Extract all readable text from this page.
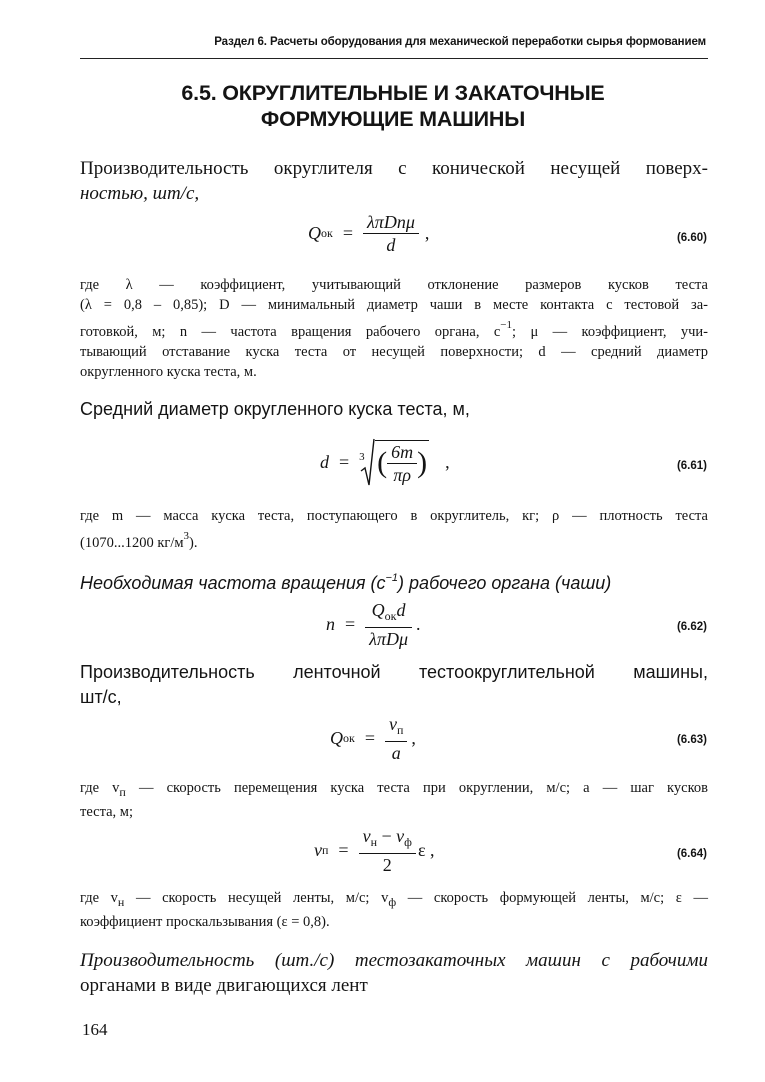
Раздел 6. Расчеты оборудования для механической переработки сырья формованием
6.5. ОКРУГЛИТЕЛЬНЫЕ И ЗАКАТОЧНЫЕ
ФОРМУЮЩИЕ МАШИНЫ
Производительность округлителя с конической несущей поверх-
ностью, шт/с,
Q ок = $\frac{\text{λπDnμ}}{d}$ ,	(6.60)
где λ — коэффициент, учитывающий отклонение размеров кусков теста
(λ = 0,8 – 0,85); D — минимальный диаметр чаши в месте контакта с тестовой за-
готовкой, м; n — частота вращения рабочего органа, $с^{-1}$; μ — коэффициент, учи-
тывающий отставание куска теста от несущей поверхности; d — средний диаметр
округленного куска теста, м.
Средний диаметр округленного куска теста, м,
d = 3 ( $\frac{6m}{\pi\rho}$ ) ,	(6.61)
где m — масса куска теста, поступающего в округлитель, кг; ρ — плотность теста
(1070...1200 $кг/м^3$).
Необходимая частота вращения $(с^{-1})$ рабочего органа (чаши)
$n = \frac{Q_{ок}d}{\text{λπDμ}}$ .	(6.62)
Производительность ленточной тестоокруглительной машины,
шт/с,
Q ок = $\frac{v_п}{a}$ ,	(6.63)
где $v_п$ — скорость перемещения куска теста при округлении, м/с; a — шаг кусков
теста, м;
v $п = \frac{v_н - v_ф}{2}$ ε ,	(6.64)
где $v_н$ — скорость несущей ленты, м/с; $v_ф$ — скорость формующей ленты, м/с; ε —
коэффициент проскальзывания (ε = 0,8).
Производительность (шт./с) тестозакаточных машин с рабочими
органами в виде двигающихся лент
164
